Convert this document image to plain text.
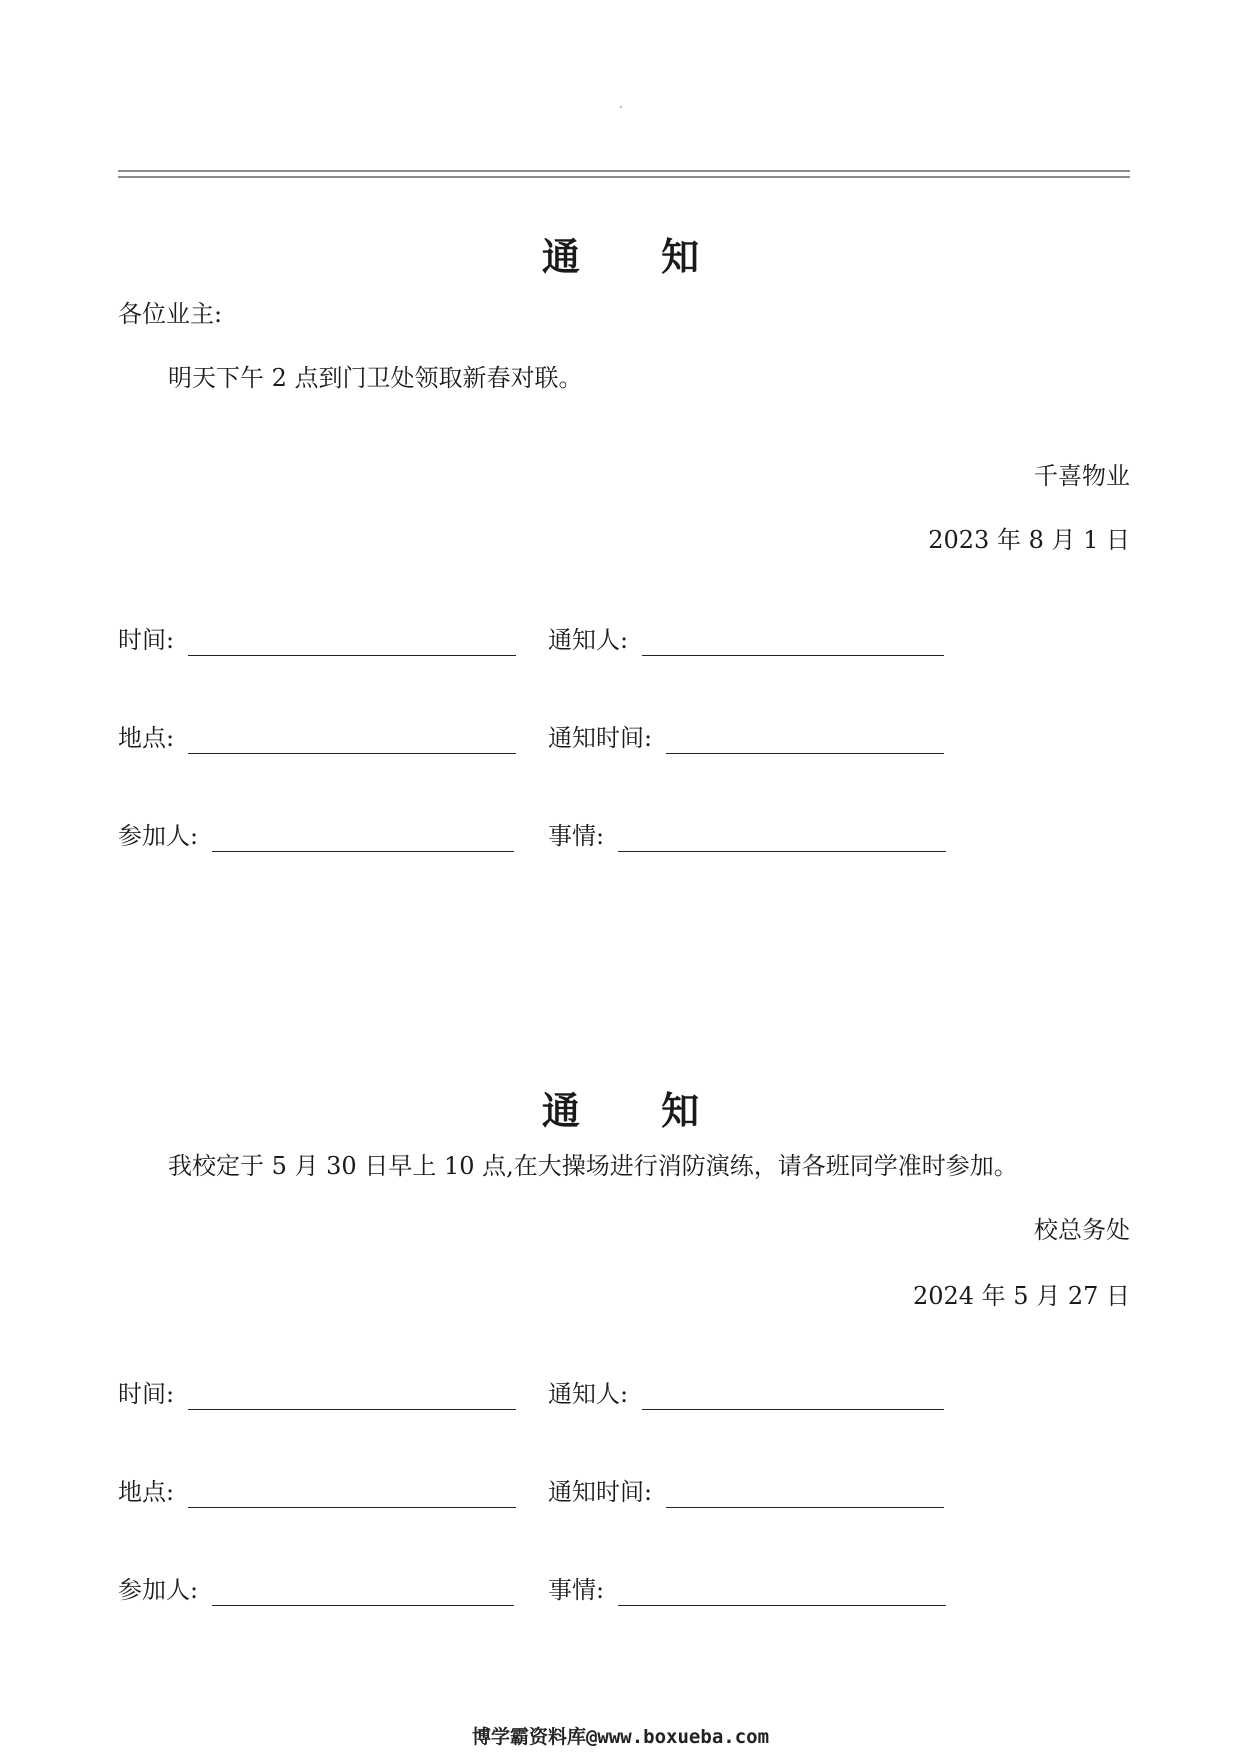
通 知
各位业主:
明天下午 2 点到门卫处领取新春对联。
千喜物业
2023 年 8 月 1 日
时间:	通知人:
地点:	通知时间:
参加人:	事情:
通 知
我校定于 5 月 30 日早上 10 点,在大操场进行消防演练，请各班同学准时参加。
校总务处
2024 年 5 月 27 日
时间:	通知人:
地点:	通知时间:
参加人:	事情:
博学霸资料库@www.boxueba.com
